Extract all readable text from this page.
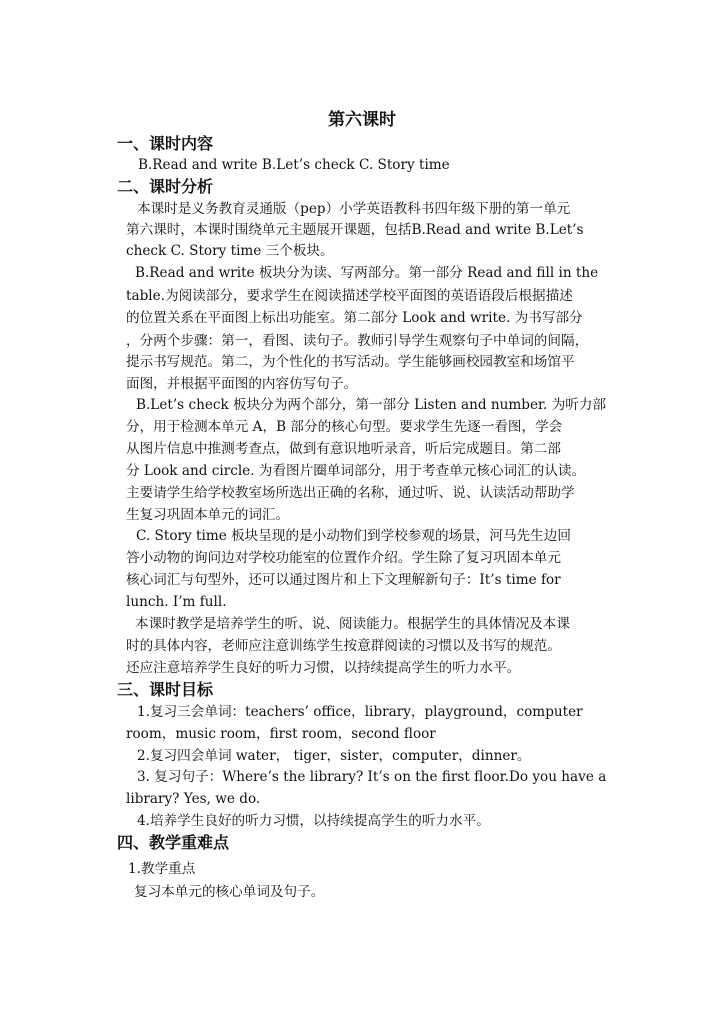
第六课时
一、课时内容
B.Read and write B.Let’s check C. Story time
二、课时分析
本课时是义务教育灵通版（pep）小学英语教科书四年级下册的第一单元
第六课时，本课时围绕单元主题展开课题，包括B.Read and write B.Let’s
check C. Story time 三个板块。
B.Read and write 板块分为读、写两部分。第一部分 Read and fill in the
table.为阅读部分，要求学生在阅读描述学校平面图的英语语段后根据描述
的位置关系在平面图上标出功能室。第二部分 Look and write. 为书写部分
，分两个步骤：第一，看图、读句子。教师引导学生观察句子中单词的间隔，
提示书写规范。第二，为个性化的书写活动。学生能够画校园教室和场馆平
面图，并根据平面图的内容仿写句子。
B.Let’s check 板块分为两个部分，第一部分 Listen and number. 为听力部
分，用于检测本单元 A，B 部分的核心句型。要求学生先逐一看图，学会
从图片信息中推测考查点，做到有意识地听录音，听后完成题目。第二部
分 Look and circle. 为看图片圈单词部分，用于考查单元核心词汇的认读。
主要请学生给学校教室场所选出正确的名称，通过听、说、认读活动帮助学
生复习巩固本单元的词汇。
C. Story time 板块呈现的是小动物们到学校参观的场景，河马先生边回
答小动物的询问边对学校功能室的位置作介绍。学生除了复习巩固本单元
核心词汇与句型外，还可以通过图片和上下文理解新句子：It’s time for
lunch. I’m full.
本课时教学是培养学生的听、说、阅读能力。根据学生的具体情况及本课
时的具体内容，老师应注意训练学生按意群阅读的习惯以及书写的规范。
还应注意培养学生良好的听力习惯，以持续提高学生的听力水平。
三、课时目标
1.复习三会单词：teachers’ office，library，playground，computer
room，music room，first room，second floor
2.复习四会单词 water， tiger，sister，computer，dinner。
3. 复习句子：Where’s the library? It’s on the first floor.Do you have a
library? Yes, we do.
4.培养学生良好的听力习惯，以持续提高学生的听力水平。
四、教学重难点
1.教学重点
复习本单元的核心单词及句子。
